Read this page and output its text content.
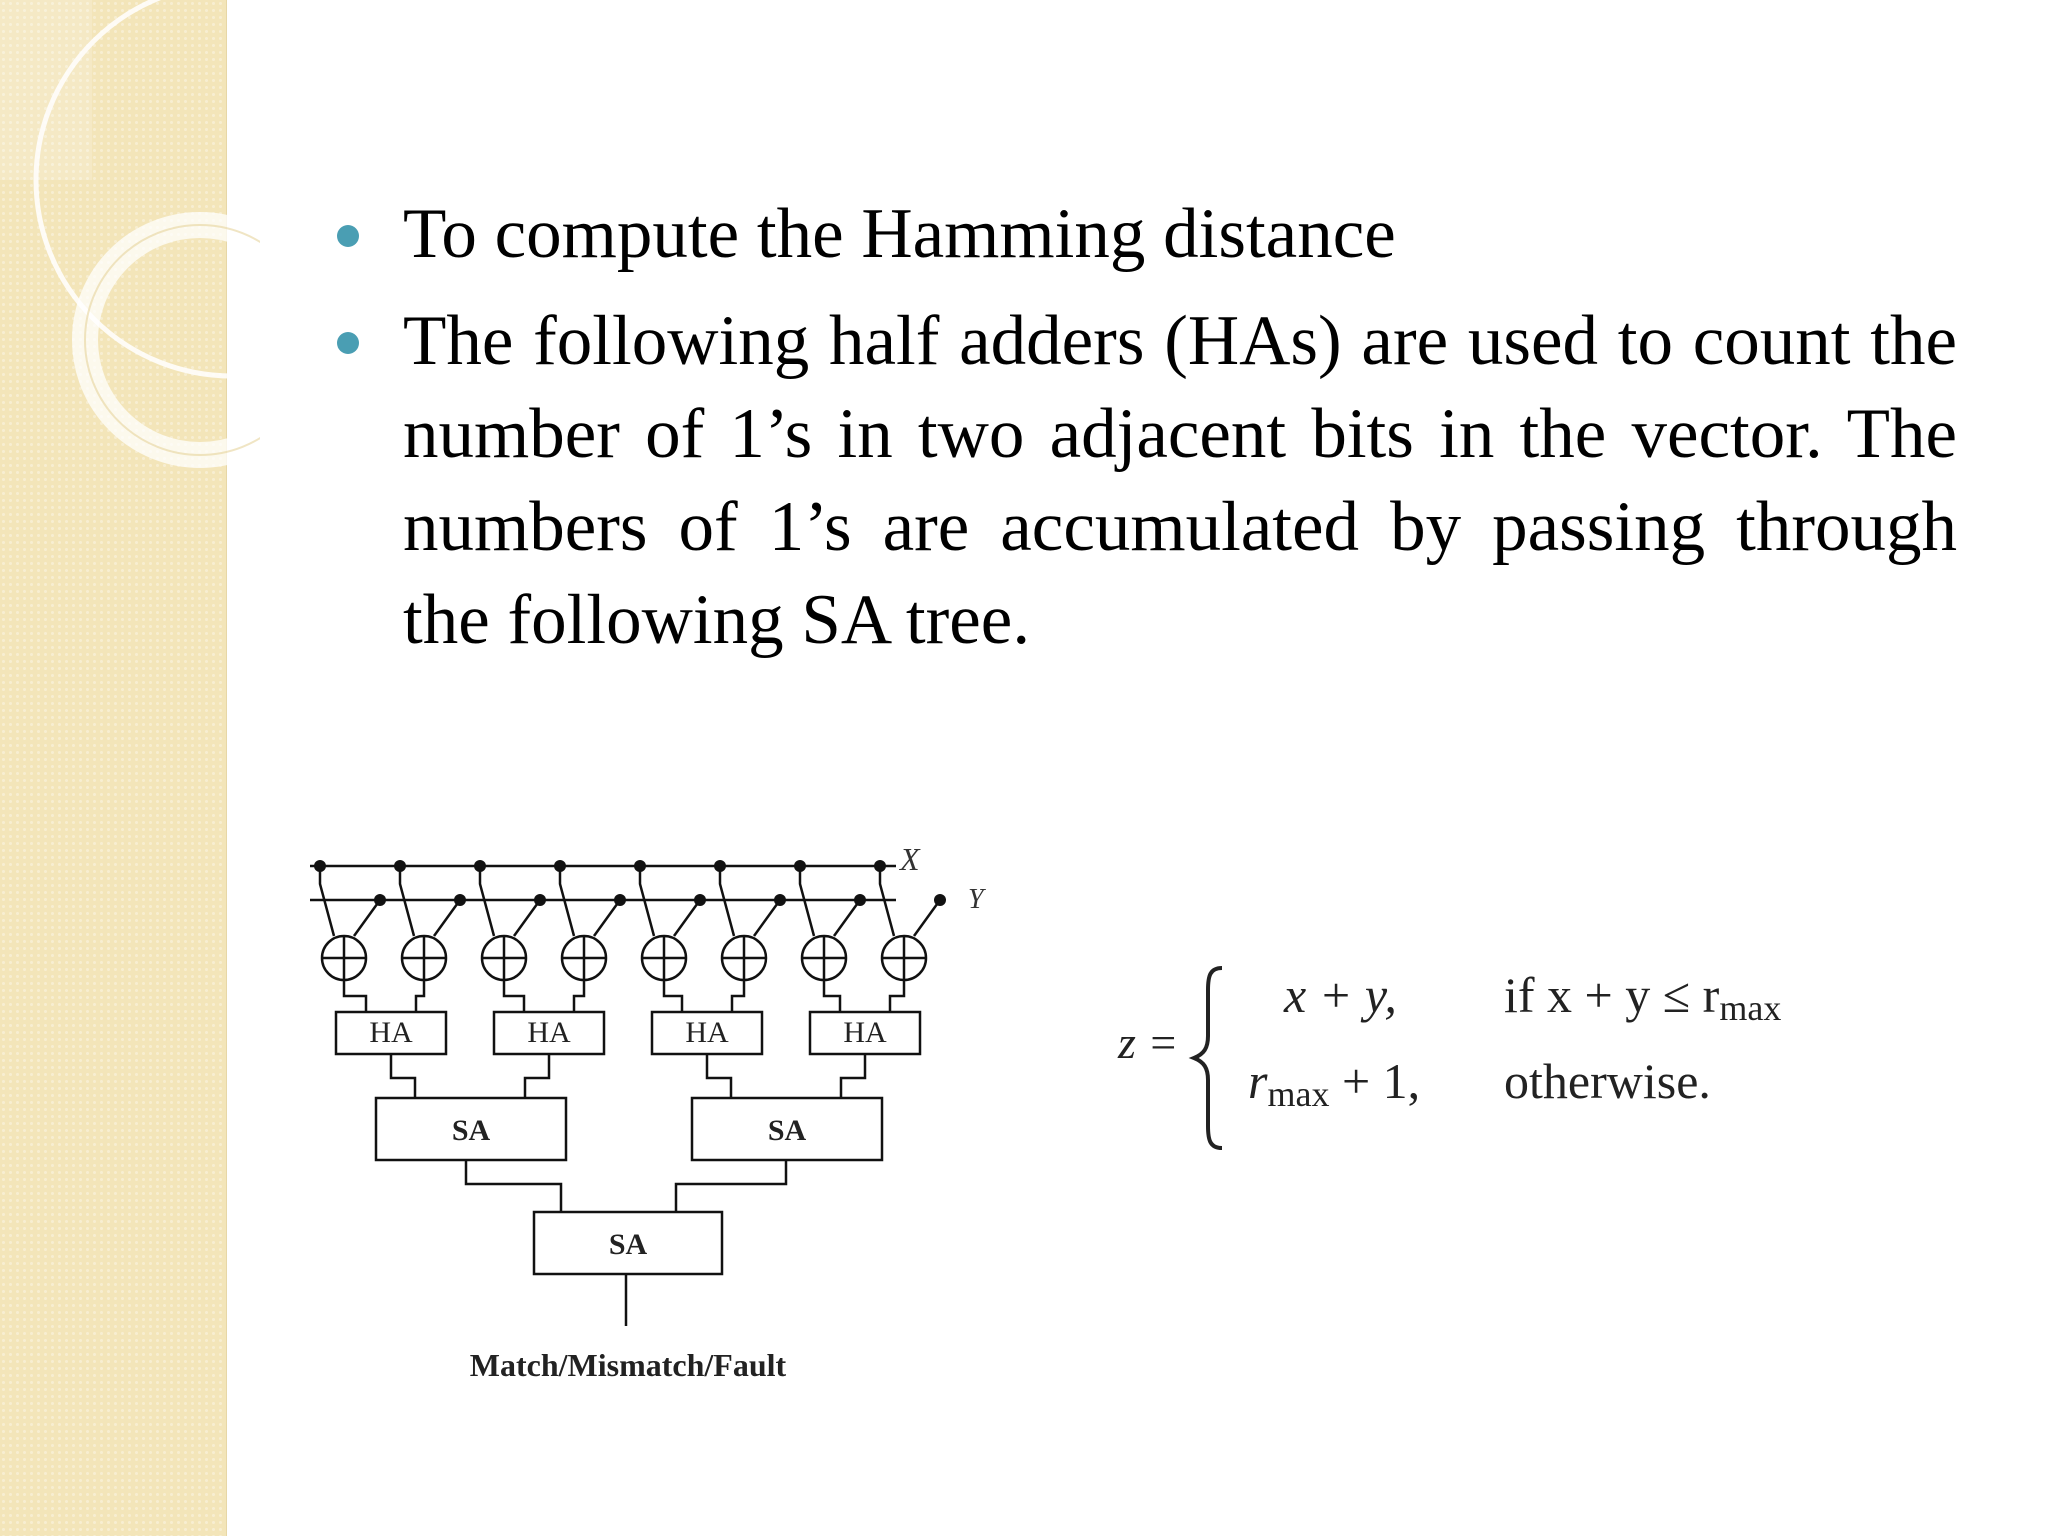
To compute the Hamming distance
The following half adders (HAs) are used to count the number of 1’s in two adjacent bits in the vector. The numbers of 1’s are accumulated by passing through the following SA tree.
X
Y
HA	HA	HA	HA
SA	SA
SA
Match/Mismatch/Fault
z =
x + y, if x + y ≤ rmax
rmax + 1, otherwise.
